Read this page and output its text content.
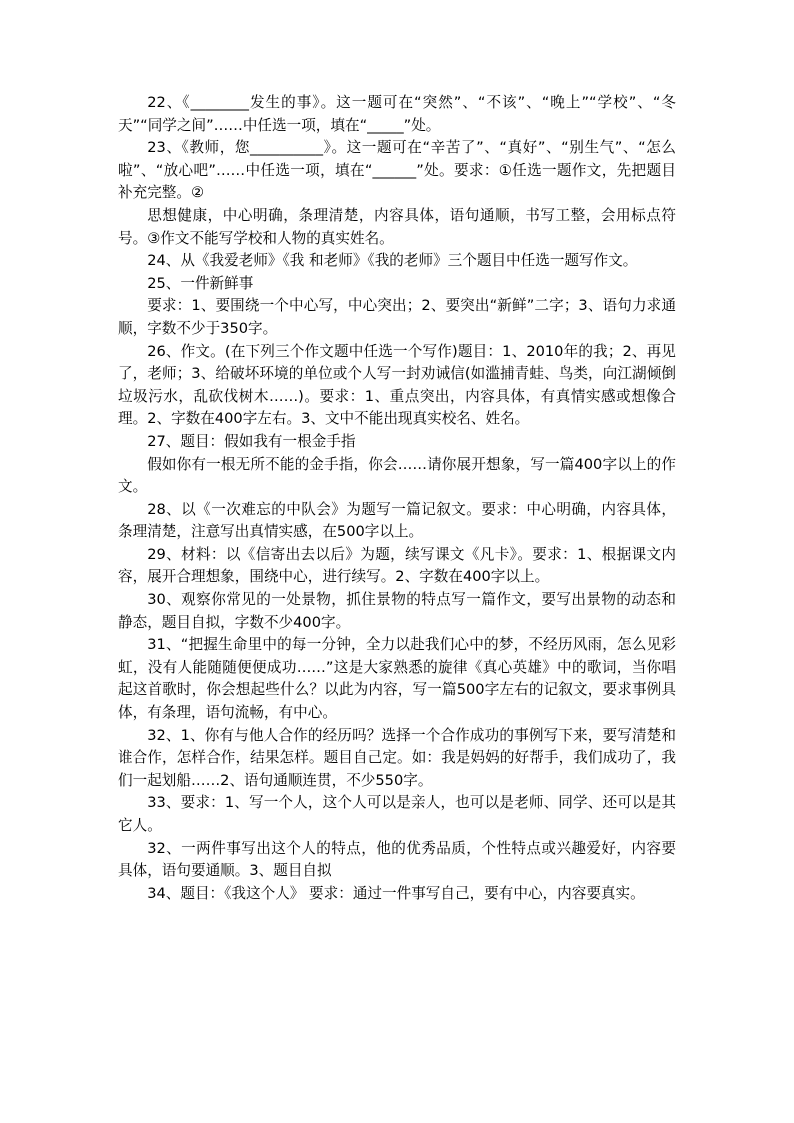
22、《________发生的事》。这一题可在“突然”、“不该”、“晚上”“学校”、“冬天”“同学之间”……中任选一项，填在“_____”处。

23、《教师，您__________》。这一题可在“辛苦了”、“真好”、“别生气”、“怎么啦”、“放心吧”……中任选一项，填在“______”处。要求：①任选一题作文，先把题目补充完整。②

思想健康，中心明确，条理清楚，内容具体，语句通顺，书写工整，会用标点符号。③作文不能写学校和人物的真实姓名。

24、从《我爱老师》《我 和老师》《我的老师》三个题目中任选一题写作文。

25、一件新鲜事

要求：1、要围绕一个中心写，中心突出；2、要突出“新鲜”二字；3、语句力求通顺，字数不少于350字。

26、作文。(在下列三个作文题中任选一个写作)题目：1、2010年的我；2、再见了，老师；3、给破坏环境的单位或个人写一封劝诫信(如滥捕青蛙、鸟类，向江湖倾倒垃圾污水，乱砍伐树木……)。要求：1、重点突出，内容具体，有真情实感或想像合理。2、字数在400字左右。3、文中不能出现真实校名、姓名。

27、题目：假如我有一根金手指

假如你有一根无所不能的金手指，你会……请你展开想象，写一篇400字以上的作文。

28、以《一次难忘的中队会》为题写一篇记叙文。要求：中心明确，内容具体，条理清楚，注意写出真情实感，在500字以上。

29、材料：以《信寄出去以后》为题，续写课文《凡卡》。要求：1、根据课文内容，展开合理想象，围绕中心，进行续写。2、字数在400字以上。

30、观察你常见的一处景物，抓住景物的特点写一篇作文，要写出景物的动态和静态，题目自拟，字数不少400字。

31、“把握生命里中的每一分钟，全力以赴我们心中的梦，不经历风雨，怎么见彩虹，没有人能随随便便成功……”这是大家熟悉的旋律《真心英雄》中的歌词，当你唱起这首歌时，你会想起些什么？以此为内容，写一篇500字左右的记叙文，要求事例具体，有条理，语句流畅，有中心。

32、1、你有与他人合作的经历吗？选择一个合作成功的事例写下来，要写清楚和谁合作，怎样合作，结果怎样。题目自己定。如：我是妈妈的好帮手，我们成功了，我们一起划船……2、语句通顺连贯，不少550字。

33、要求：1、写一个人，这个人可以是亲人，也可以是老师、同学、还可以是其它人。

32、一两件事写出这个人的特点，他的优秀品质，个性特点或兴趣爱好，内容要具体，语句要通顺。3、题目自拟

34、题目：《我这个人》 要求：通过一件事写自己，要有中心，内容要真实。
